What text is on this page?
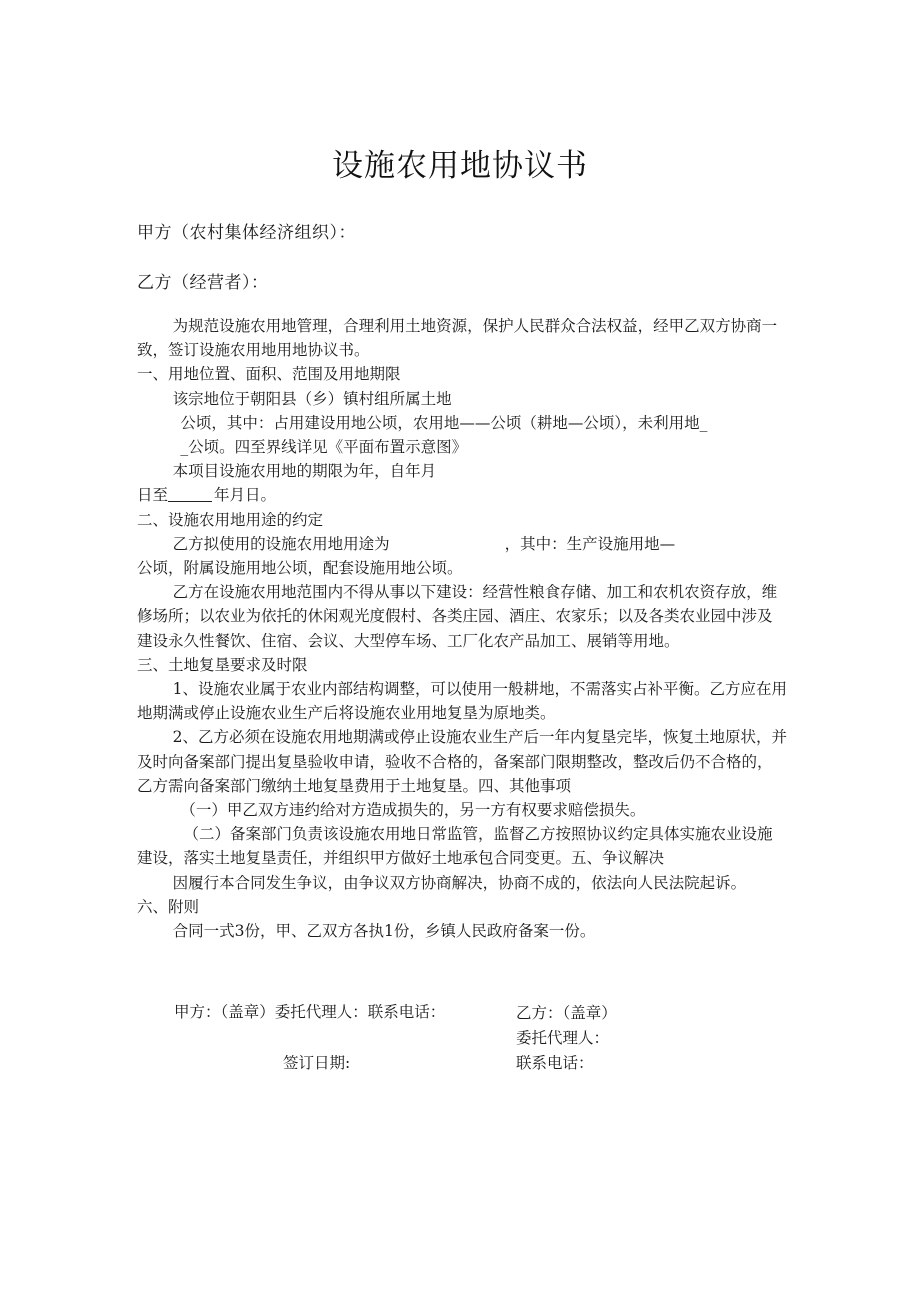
设施农用地协议书
甲方（农村集体经济组织）：
乙方（经营者）：

为规范设施农用地管理，合理利用土地资源，保护人民群众合法权益，经甲乙双方协商一致，签订设施农用地用地协议书。

一、用地位置、面积、范围及用地期限

该宗地位于朝阳县（乡）镇村组所属土地

公顷，其中：占用建设用地公顷，农用地——公顷（耕地—公顷），未利用地_

_公顷。四至界线详见《平面布置示意图》

本项目设施农用地的期限为年，自年月

日至	年月日。

二、设施农用地用途的约定

乙方拟使用的设施农用地用途为	，其中：生产设施用地—

公顷，附属设施用地公顷，配套设施用地公顷。

乙方在设施农用地范围内不得从事以下建设：经营性粮食存储、加工和农机农资存放，维修场所；以农业为依托的休闲观光度假村、各类庄园、酒庄、农家乐；以及各类农业园中涉及建设永久性餐饮、住宿、会议、大型停车场、工厂化农产品加工、展销等用地。

三、土地复垦要求及时限

1、设施农业属于农业内部结构调整，可以使用一般耕地，不需落实占补平衡。乙方应在用地期满或停止设施农业生产后将设施农业用地复垦为原地类。

2、乙方必须在设施农用地期满或停止设施农业生产后一年内复垦完毕，恢复土地原状，并及时向备案部门提出复垦验收申请，验收不合格的，备案部门限期整改，整改后仍不合格的，乙方需向备案部门缴纳土地复垦费用于土地复垦。四、其他事项

（一）甲乙双方违约给对方造成损失的，另一方有权要求赔偿损失。

（二）备案部门负责该设施农用地日常监管，监督乙方按照协议约定具体实施农业设施建设，落实土地复垦责任，并组织甲方做好土地承包合同变更。五、争议解决

因履行本合同发生争议，由争议双方协商解决，协商不成的，依法向人民法院起诉。

六、附则

合同一式3份，甲、乙双方各执1份，乡镇人民政府备案一份。

甲方：（盖章）委托代理人：联系电话：	乙方：（盖章）
委托代理人：
签订日期:	联系电话：
